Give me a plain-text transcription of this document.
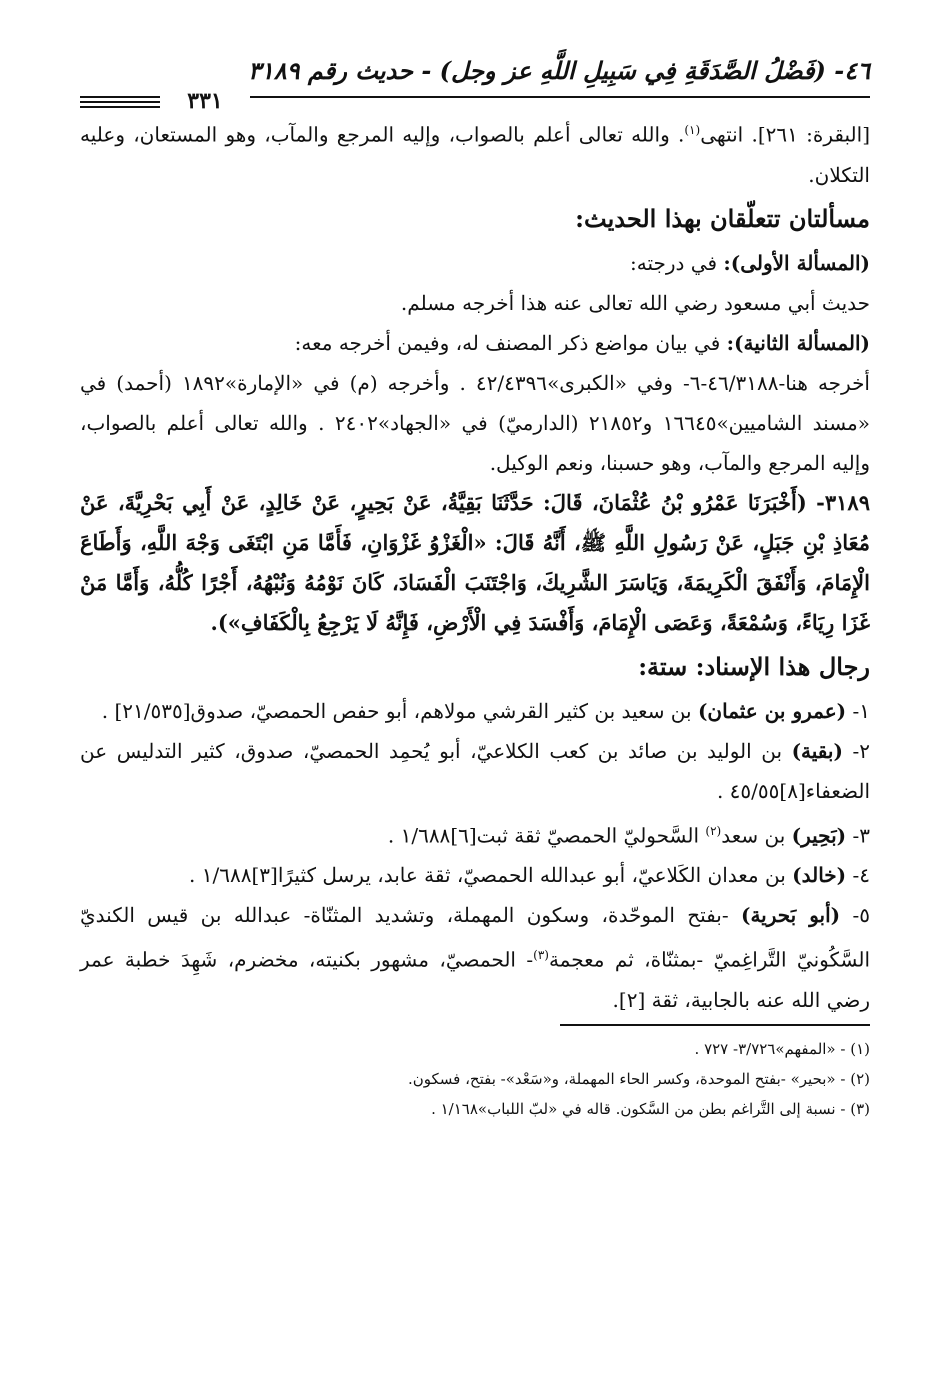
٤٦- (فَضْلُ الصَّدَقَةِ فِي سَبِيلِ اللَّهِ عز وجل) - حديث رقم ٣١٨٩
٣٣١

[البقرة: ٢٦١]. انتهى$^{(١)}$. والله تعالى أعلم بالصواب، وإليه المرجع والمآب، وهو المستعان، وعليه التكلان.

مسألتان تتعلّقان بهذا الحديث:

(المسألة الأولى): في درجته:

حديث أبي مسعود رضي الله تعالى عنه هذا أخرجه مسلم.

(المسألة الثانية): في بيان مواضع ذكر المصنف له، وفيمن أخرجه معه:

أخرجه هنا-٤٦/٣١٨٨-٦- وفي «الكبرى»٤٢/٤٣٩٦ . وأخرجه (م) في «الإمارة»١٨٩٢ (أحمد) في «مسند الشاميين»١٦٦٤٥ و٢١٨٥٢ (الدارميّ) في «الجهاد»٢٤٠٢ . والله تعالى أعلم بالصواب، وإليه المرجع والمآب، وهو حسبنا، ونعم الوكيل.

٣١٨٩- (أَخْبَرَنَا عَمْرُو بْنُ عُثْمَانَ، قَالَ: حَدَّثَنَا بَقِيَّةُ، عَنْ بَحِيرٍ، عَنْ خَالِدٍ، عَنْ أَبِي بَحْرِيَّةَ، عَنْ مُعَاذِ بْنِ جَبَلٍ، عَنْ رَسُولِ اللَّهِ ﷺ، أَنَّهُ قَالَ: «الْغَزْوُ غَزْوَانِ، فَأَمَّا مَنِ ابْتَغَى وَجْهَ اللَّهِ، وَأَطَاعَ الْإِمَامَ، وَأَنْفَقَ الْكَرِيمَةَ، وَيَاسَرَ الشَّرِيكَ، وَاجْتَنَبَ الْفَسَادَ، كَانَ نَوْمُهُ وَنُبْهُهُ، أَجْرًا كُلُّهُ، وَأَمَّا مَنْ غَزَا رِيَاءً، وَسُمْعَةً، وَعَصَى الْإِمَامَ، وَأَفْسَدَ فِي الْأَرْضِ، فَإِنَّهُ لَا يَرْجِعُ بِالْكَفَافِ»).

رجال هذا الإسناد: ستة:

١- (عمرو بن عثمان) بن سعيد بن كثير القرشي مولاهم، أبو حفص الحمصيّ، صدوق[٢١/٥٣٥] .

٢- (بقية) بن الوليد بن صائد بن كعب الكلاعيّ، أبو يُحمِد الحمصيّ، صدوق، كثير التدليس عن الضعفاء[٨]٤٥/٥٥ .

٣- (بَحِير) بن سعد$^{(٢)}$ السَّحوليّ الحمصيّ ثقة ثبت[٦]١/٦٨٨ .

٤- (خالد) بن معدان الكَلاعيّ، أبو عبدالله الحمصيّ، ثقة عابد، يرسل كثيرًا[٣]١/٦٨٨ .

٥- (أبو بَحرية) -بفتح الموحّدة، وسكون المهملة، وتشديد المثنّاة- عبدالله بن قيس الكنديّ السَّكُونيّ التَّراغِميّ -بمثنّاة، ثم معجمة$^{(٣)}$- الحمصيّ، مشهور بكنيته، مخضرم، شَهِدَ خطبة عمر رضي الله عنه بالجابية، ثقة [٢].

(١) - «المفهم»٣/٧٢٦- ٧٢٧ .

(٢) - «بحير» -بفتح الموحدة، وكسر الحاء المهملة، و«سَعْد»- بفتح، فسكون.

(٣) - نسبة إلى التَّراغم بطن من السَّكون. قاله في «لبّ اللباب»١/١٦٨ .
